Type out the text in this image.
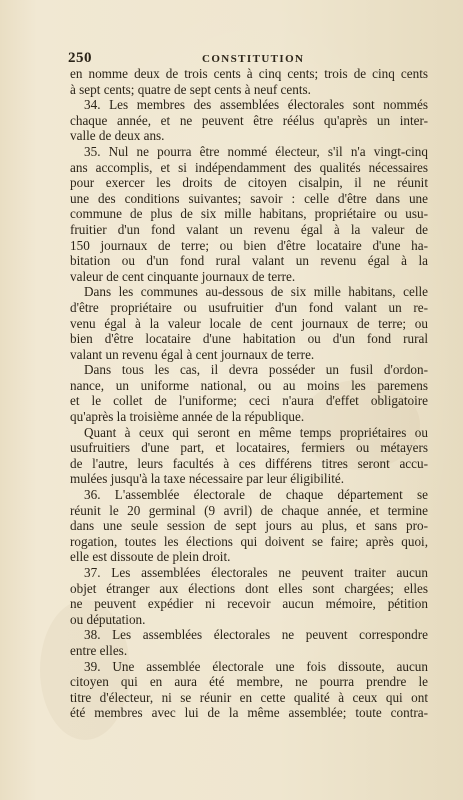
250	CONSTITUTION
en nomme deux de trois cents à cinq cents; trois de cinq cents
à sept cents; quatre de sept cents à neuf cents.
34. Les membres des assemblées électorales sont nommés
chaque année, et ne peuvent être réélus qu'après un inter-
valle de deux ans.
35. Nul ne pourra être nommé électeur, s'il n'a vingt-cinq
ans accomplis, et si indépendamment des qualités nécessaires
pour exercer les droits de citoyen cisalpin, il ne réunit
une des conditions suivantes; savoir : celle d'être dans une
commune de plus de six mille habitans, propriétaire ou usu-
fruitier d'un fond valant un revenu égal à la valeur de
150 journaux de terre; ou bien d'être locataire d'une ha-
bitation ou d'un fond rural valant un revenu égal à la
valeur de cent cinquante journaux de terre.
Dans les communes au-dessous de six mille habitans, celle
d'être propriétaire ou usufruitier d'un fond valant un re-
venu égal à la valeur locale de cent journaux de terre; ou
bien d'être locataire d'une habitation ou d'un fond rural
valant un revenu égal à cent journaux de terre.
Dans tous les cas, il devra posséder un fusil d'ordon-
nance, un uniforme national, ou au moins les paremens
et le collet de l'uniforme; ceci n'aura d'effet obligatoire
qu'après la troisième année de la république.
Quant à ceux qui seront en même temps propriétaires ou
usufruitiers d'une part, et locataires, fermiers ou métayers
de l'autre, leurs facultés à ces différens titres seront accu-
mulées jusqu'à la taxe nécessaire par leur éligibilité.
36. L'assemblée électorale de chaque département se
réunit le 20 germinal (9 avril) de chaque année, et termine
dans une seule session de sept jours au plus, et sans pro-
rogation, toutes les élections qui doivent se faire; après quoi,
elle est dissoute de plein droit.
37. Les assemblées électorales ne peuvent traiter aucun
objet étranger aux élections dont elles sont chargées; elles
ne peuvent expédier ni recevoir aucun mémoire, pétition
ou députation.
38. Les assemblées électorales ne peuvent correspondre
entre elles.
39. Une assemblée électorale une fois dissoute, aucun
citoyen qui en aura été membre, ne pourra prendre le
titre d'électeur, ni se réunir en cette qualité à ceux qui ont
été membres avec lui de la même assemblée; toute contra-
